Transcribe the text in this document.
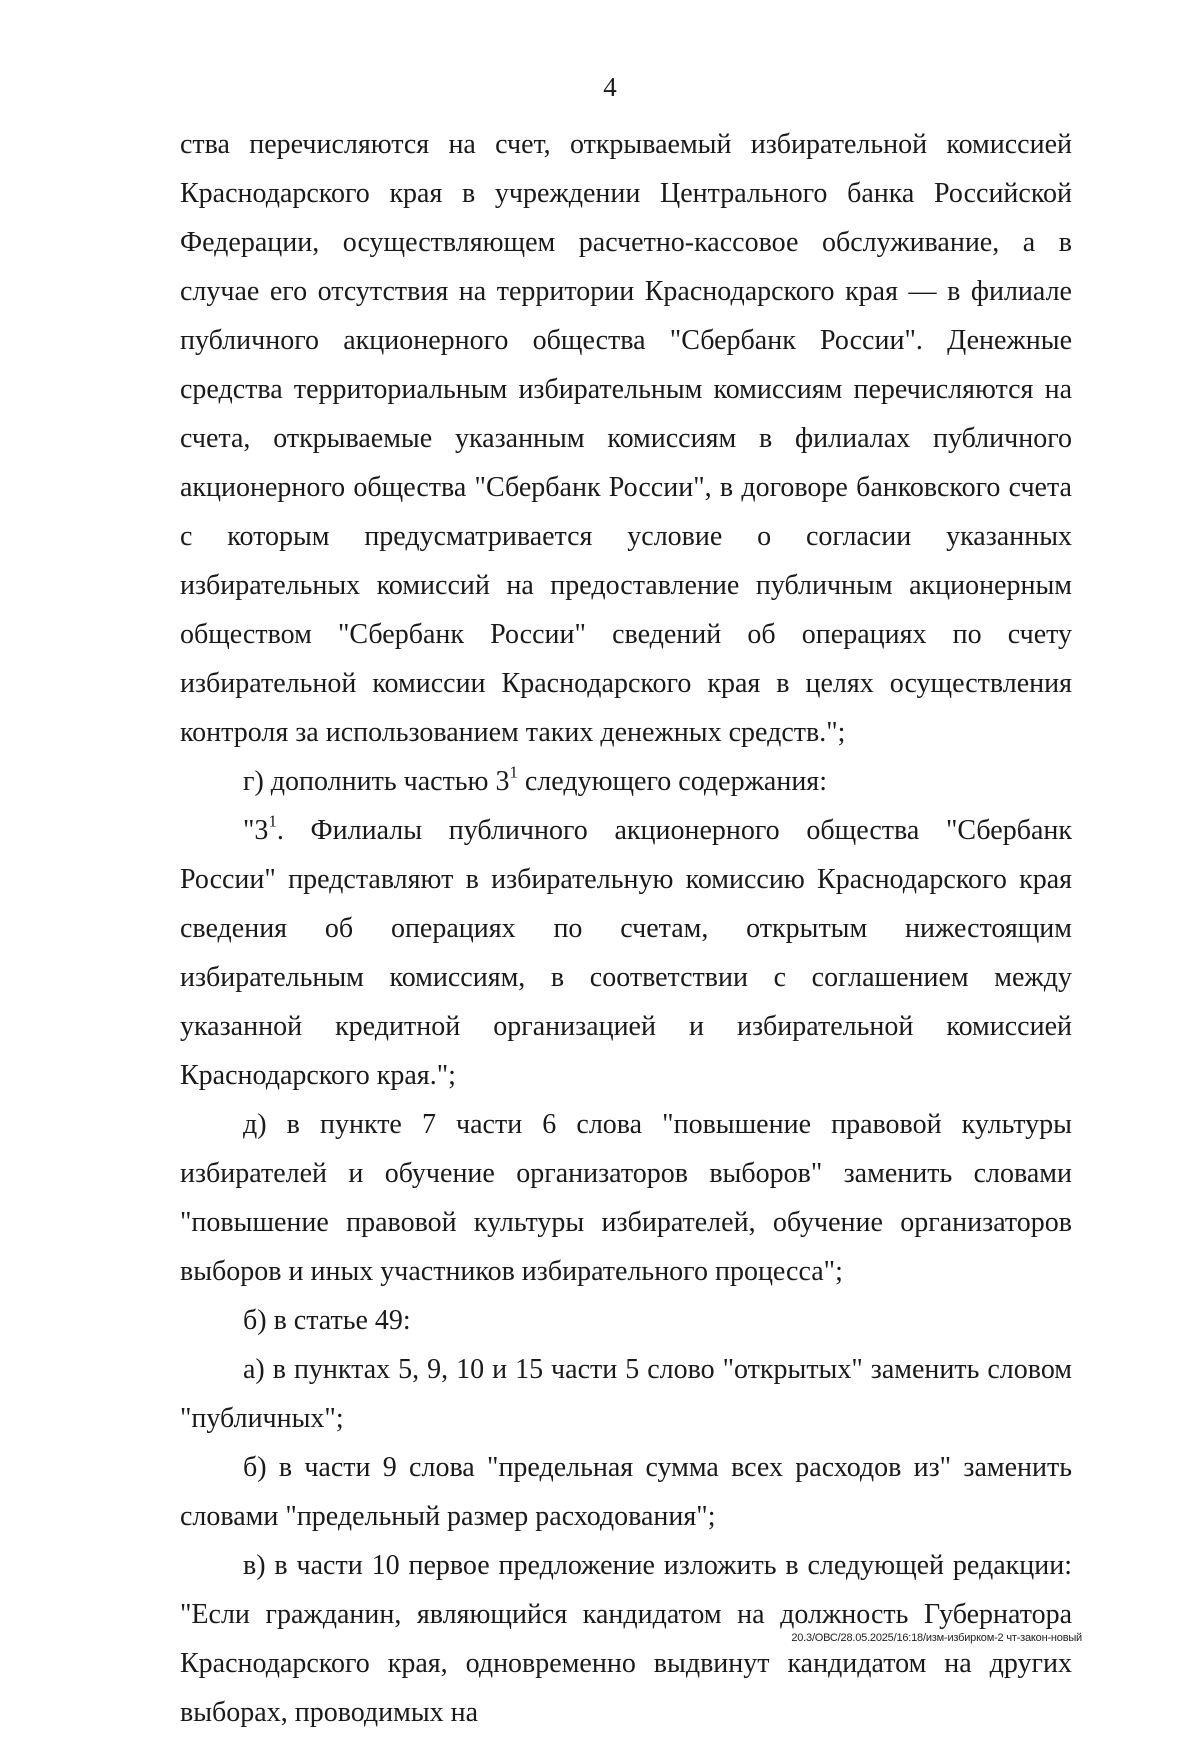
4

ства перечисляются на счет, открываемый избирательной комиссией Краснодарского края в учреждении Центрального банка Российской Федерации, осуществляющем расчетно-кассовое обслуживание, а в случае его отсутствия на территории Краснодарского края — в филиале публичного акционерного общества "Сбербанк России". Денежные средства территориальным избирательным комиссиям перечисляются на счета, открываемые указанным комиссиям в филиалах публичного акционерного общества "Сбербанк России", в договоре банковского счета с которым предусматривается условие о согласии указанных избирательных комиссий на предоставление публичным акционерным обществом "Сбербанк России" сведений об операциях по счету избирательной комиссии Краснодарского края в целях осуществления контроля за использованием таких денежных средств.";

г) дополнить частью $3^1$ следующего содержания:

"$3^1$. Филиалы публичного акционерного общества "Сбербанк России" представляют в избирательную комиссию Краснодарского края сведения об операциях по счетам, открытым нижестоящим избирательным комиссиям, в соответствии с соглашением между указанной кредитной организацией и избирательной комиссией Краснодарского края.";

д) в пункте 7 части 6 слова "повышение правовой культуры избирателей и обучение организаторов выборов" заменить словами "повышение правовой культуры избирателей, обучение организаторов выборов и иных участников избирательного процесса";

б) в статье 49:

а) в пунктах 5, 9, 10 и 15 части 5 слово "открытых" заменить словом "публичных";

б) в части 9 слова "предельная сумма всех расходов из" заменить словами "предельный размер расходования";

в) в части 10 первое предложение изложить в следующей редакции: "Если гражданин, являющийся кандидатом на должность Губернатора Краснодарского края, одновременно выдвинут кандидатом на других выборах, проводимых на

20.3/ОВС/28.05.2025/16:18/изм-избирком-2 чт-закон-новый
